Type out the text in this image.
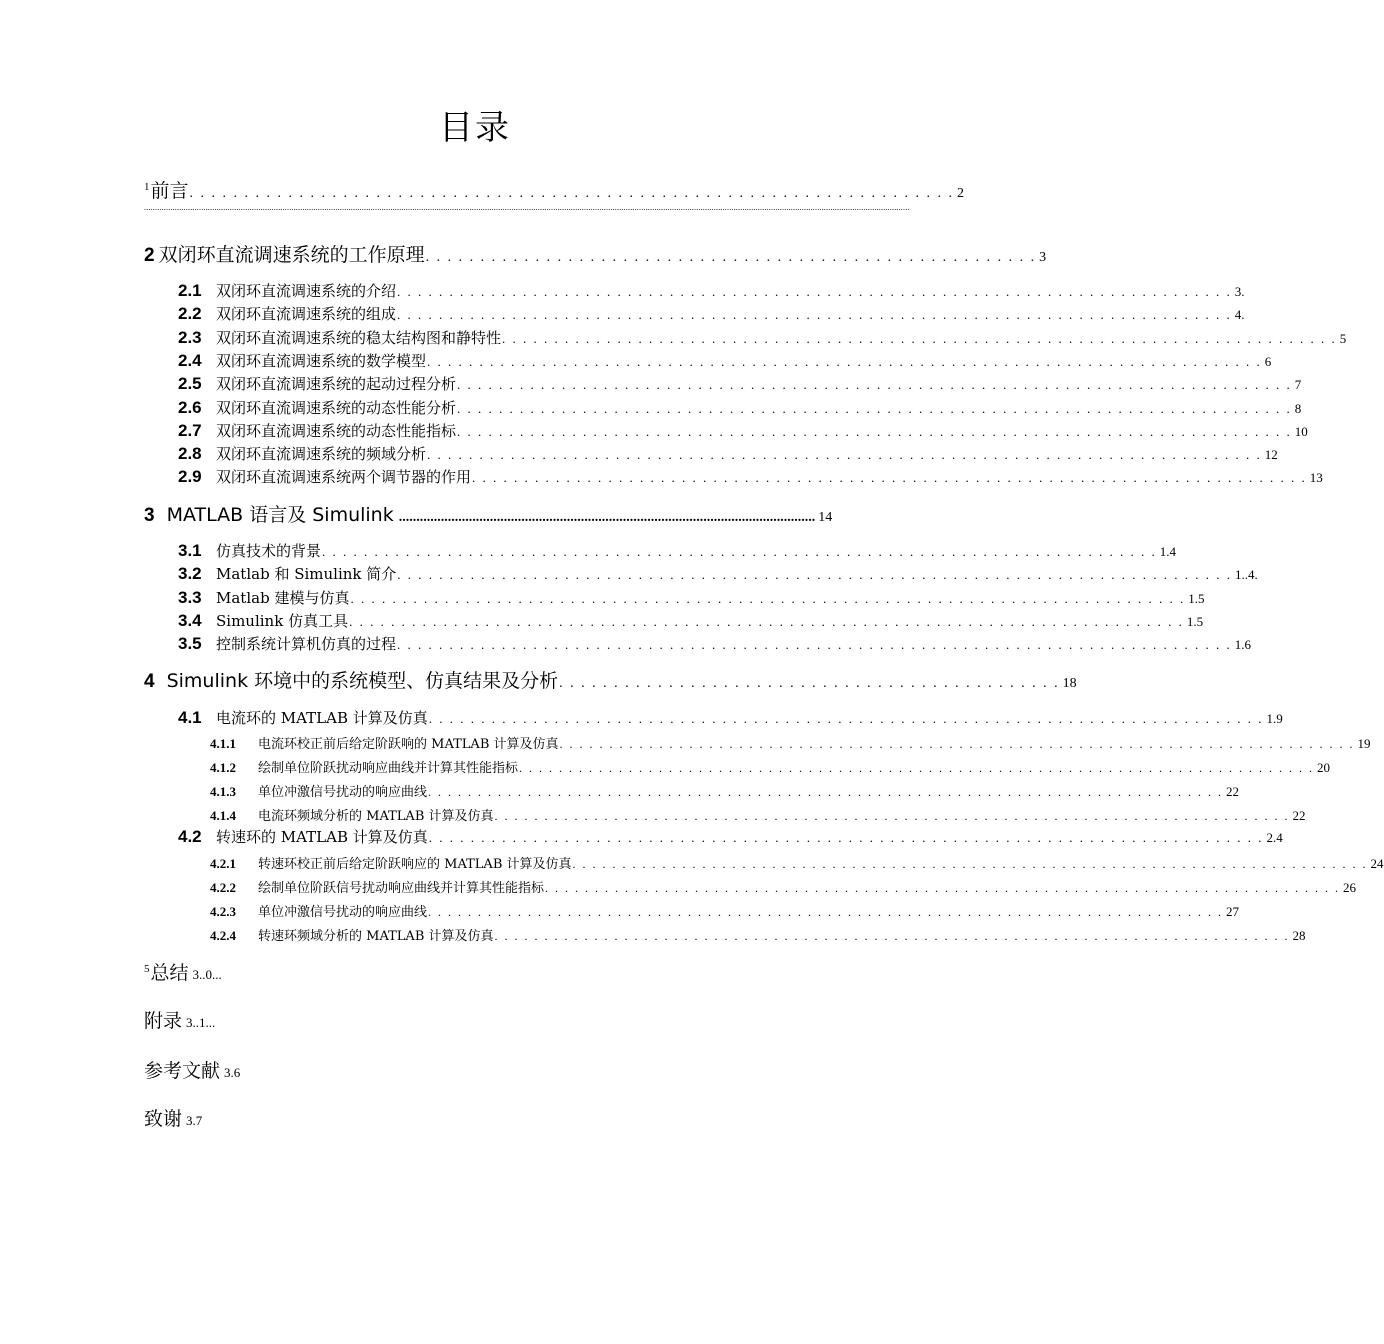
目录
1 前言 . . . . . . . . . . . . . . . . . . . . . . . . . . . . . . . . . . . . . . . . . . . . . . . . . . . . . . . . . . . . . . . . . . . . . . 2
............................................................................................................................................................................................................................................................................................................................................................
2 双闭环直流调速系统的工作原理 . . . . . . . . . . . . . . . . . . . . . . . . . . . . . . . . . . . . . . . . . . . . . . . . . . . . . . . . 3
2.1 双闭环直流调速系统的介绍 . . . . . . . . . . . . . . . . . . . . . . . . . . . . . . . . . . . . . . . . . . . . . . . . . . . . . . . . . . . . . . . . . . . . . . . . . . . . . . . . 3.
2.2 双闭环直流调速系统的组成 . . . . . . . . . . . . . . . . . . . . . . . . . . . . . . . . . . . . . . . . . . . . . . . . . . . . . . . . . . . . . . . . . . . . . . . . . . . . . . . . 4.
2.3 双闭环直流调速系统的稳太结构图和静特性 . . . . . . . . . . . . . . . . . . . . . . . . . . . . . . . . . . . . . . . . . . . . . . . . . . . . . . . . . . . . . . . . . . . . . . . . . . . . . . . . 5
2.4 双闭环直流调速系统的数学模型 . . . . . . . . . . . . . . . . . . . . . . . . . . . . . . . . . . . . . . . . . . . . . . . . . . . . . . . . . . . . . . . . . . . . . . . . . . . . . . . . 6
2.5 双闭环直流调速系统的起动过程分析 . . . . . . . . . . . . . . . . . . . . . . . . . . . . . . . . . . . . . . . . . . . . . . . . . . . . . . . . . . . . . . . . . . . . . . . . . . . . . . . . 7
2.6 双闭环直流调速系统的动态性能分析 . . . . . . . . . . . . . . . . . . . . . . . . . . . . . . . . . . . . . . . . . . . . . . . . . . . . . . . . . . . . . . . . . . . . . . . . . . . . . . . . 8
2.7 双闭环直流调速系统的动态性能指标 . . . . . . . . . . . . . . . . . . . . . . . . . . . . . . . . . . . . . . . . . . . . . . . . . . . . . . . . . . . . . . . . . . . . . . . . . . . . . . . . 10
2.8 双闭环直流调速系统的频域分析 . . . . . . . . . . . . . . . . . . . . . . . . . . . . . . . . . . . . . . . . . . . . . . . . . . . . . . . . . . . . . . . . . . . . . . . . . . . . . . . . 12
2.9 双闭环直流调速系统两个调节器的作用 . . . . . . . . . . . . . . . . . . . . . . . . . . . . . . . . . . . . . . . . . . . . . . . . . . . . . . . . . . . . . . . . . . . . . . . . . . . . . . . . 13
3 MATLAB 语言及 Simulink ....................................................................................................................... 14
3.1 仿真技术的背景 . . . . . . . . . . . . . . . . . . . . . . . . . . . . . . . . . . . . . . . . . . . . . . . . . . . . . . . . . . . . . . . . . . . . . . . . . . . . . . . . 1.4
3.2 Matlab 和 Simulink 简介 . . . . . . . . . . . . . . . . . . . . . . . . . . . . . . . . . . . . . . . . . . . . . . . . . . . . . . . . . . . . . . . . . . . . . . . . . . . . . . . . 1..4.
3.3 Matlab 建模与仿真 . . . . . . . . . . . . . . . . . . . . . . . . . . . . . . . . . . . . . . . . . . . . . . . . . . . . . . . . . . . . . . . . . . . . . . . . . . . . . . . . 1.5
3.4 Simulink 仿真工具 . . . . . . . . . . . . . . . . . . . . . . . . . . . . . . . . . . . . . . . . . . . . . . . . . . . . . . . . . . . . . . . . . . . . . . . . . . . . . . . . 1.5
3.5 控制系统计算机仿真的过程 . . . . . . . . . . . . . . . . . . . . . . . . . . . . . . . . . . . . . . . . . . . . . . . . . . . . . . . . . . . . . . . . . . . . . . . . . . . . . . . . 1.6
4 Simulink 环境中的系统模型、仿真结果及分析 . . . . . . . . . . . . . . . . . . . . . . . . . . . . . . . . . . . . . . . . . . . . . . 18
4.1 电流环的 MATLAB 计算及仿真 . . . . . . . . . . . . . . . . . . . . . . . . . . . . . . . . . . . . . . . . . . . . . . . . . . . . . . . . . . . . . . . . . . . . . . . . . . . . . . . . 1.9
4.1.1	电流环校正前后给定阶跃响的 MATLAB 计算及仿真 . . . . . . . . . . . . . . . . . . . . . . . . . . . . . . . . . . . . . . . . . . . . . . . . . . . . . . . . . . . . . . . . . . . . . . . . . . . . . . . . 19
4.1.2	绘制单位阶跃扰动响应曲线并计算其性能指标 . . . . . . . . . . . . . . . . . . . . . . . . . . . . . . . . . . . . . . . . . . . . . . . . . . . . . . . . . . . . . . . . . . . . . . . . . . . . . . . . 20
4.1.3	单位冲激信号扰动的响应曲线 . . . . . . . . . . . . . . . . . . . . . . . . . . . . . . . . . . . . . . . . . . . . . . . . . . . . . . . . . . . . . . . . . . . . . . . . . . . . . . . . 22
4.1.4	电流环频域分析的 MATLAB 计算及仿真 . . . . . . . . . . . . . . . . . . . . . . . . . . . . . . . . . . . . . . . . . . . . . . . . . . . . . . . . . . . . . . . . . . . . . . . . . . . . . . . . 22
4.2 转速环的 MATLAB 计算及仿真 . . . . . . . . . . . . . . . . . . . . . . . . . . . . . . . . . . . . . . . . . . . . . . . . . . . . . . . . . . . . . . . . . . . . . . . . . . . . . . . . 2.4
4.2.1	转速环校正前后给定阶跃响应的 MATLAB 计算及仿真 . . . . . . . . . . . . . . . . . . . . . . . . . . . . . . . . . . . . . . . . . . . . . . . . . . . . . . . . . . . . . . . . . . . . . . . . . . . . . . . . 24
4.2.2	绘制单位阶跃信号扰动响应曲线并计算其性能指标 . . . . . . . . . . . . . . . . . . . . . . . . . . . . . . . . . . . . . . . . . . . . . . . . . . . . . . . . . . . . . . . . . . . . . . . . . . . . . . . . 26
4.2.3	单位冲激信号扰动的响应曲线 . . . . . . . . . . . . . . . . . . . . . . . . . . . . . . . . . . . . . . . . . . . . . . . . . . . . . . . . . . . . . . . . . . . . . . . . . . . . . . . . 27
4.2.4	转速环频域分析的 MATLAB 计算及仿真 . . . . . . . . . . . . . . . . . . . . . . . . . . . . . . . . . . . . . . . . . . . . . . . . . . . . . . . . . . . . . . . . . . . . . . . . . . . . . . . . 28
5 总结 3..0...
附录 3..1...
参考文献 3.6
致谢 3.7
